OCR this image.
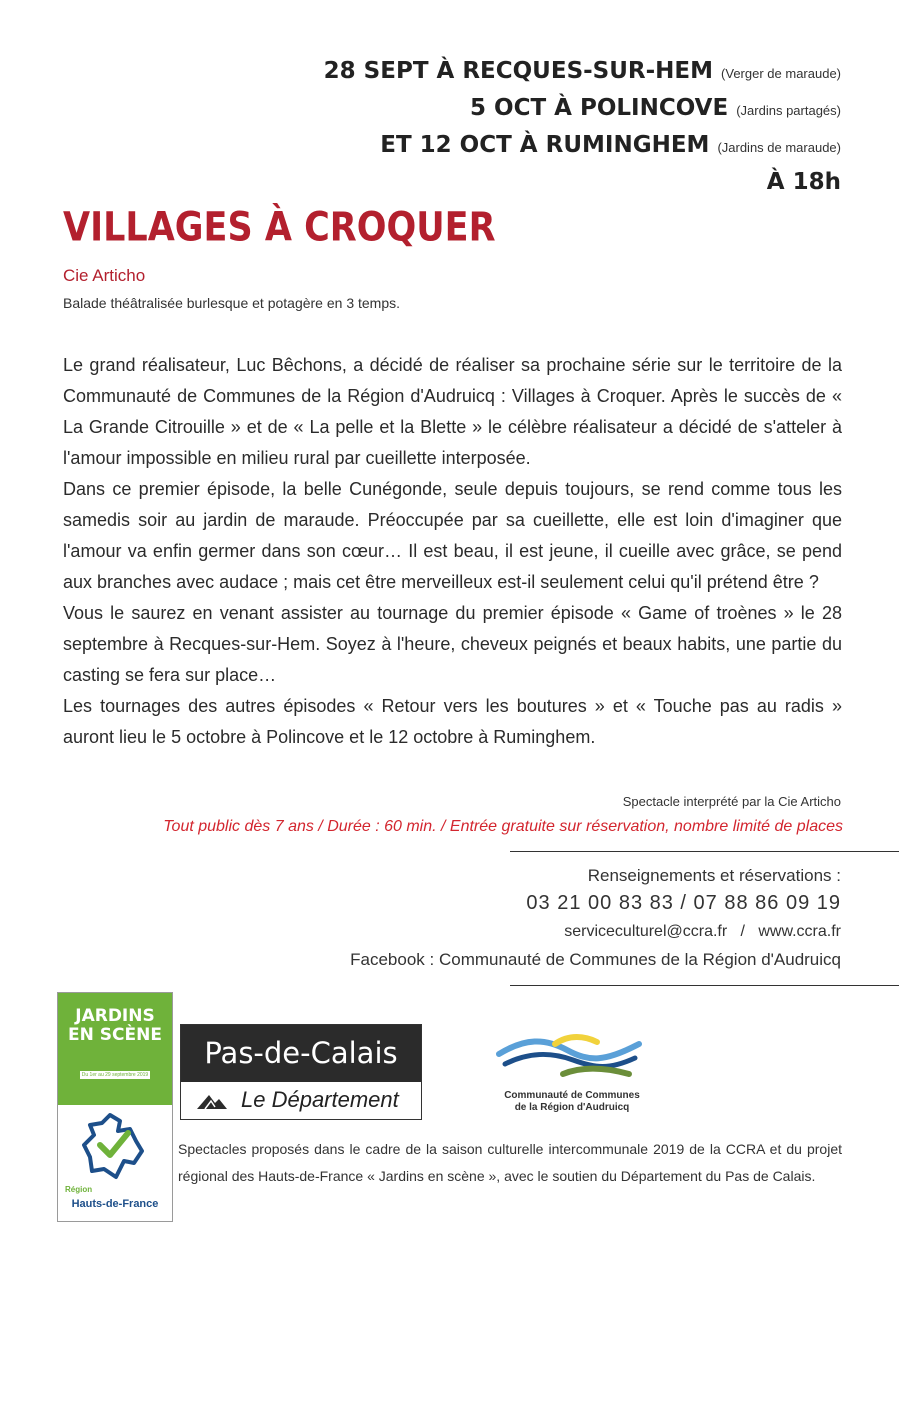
28 SEPT À RECQUES-SUR-HEM (Verger de maraude)
5 OCT À POLINCOVE (Jardins partagés)
ET 12 OCT À RUMINGHEM (Jardins de maraude)
À 18h
VILLAGES À CROQUER
Cie Articho
Balade théâtralisée burlesque et potagère en 3 temps.

Le grand réalisateur, Luc Bêchons, a décidé de réaliser sa prochaine série sur le territoire de la Communauté de Communes de la Région d'Audruicq : Villages à Croquer. Après le succès de « La Grande Citrouille » et de « La pelle et la Blette » le célèbre réalisateur a décidé de s'atteler à l'amour impossible en milieu rural par cueillette interposée.

Dans ce premier épisode, la belle Cunégonde, seule depuis toujours, se rend comme tous les samedis soir au jardin de maraude. Préoccupée par sa cueillette, elle est loin d'imaginer que l'amour va enfin germer dans son cœur… Il est beau, il est jeune, il cueille avec grâce, se pend aux branches avec audace ; mais cet être merveilleux est-il seulement celui qu'il prétend être ?

Vous le saurez en venant assister au tournage du premier épisode « Game of troènes » le 28 septembre à Recques-sur-Hem. Soyez à l'heure, cheveux peignés et beaux habits, une partie du casting se fera sur place…

Les tournages des autres épisodes « Retour vers les boutures » et « Touche pas au radis » auront lieu le 5 octobre à Polincove et le 12 octobre à Ruminghem.

Spectacle interprété par la Cie Articho
Tout public dès 7 ans / Durée : 60 min. / Entrée gratuite sur réservation, nombre limité de places
Renseignements et réservations :
03 21 00 83 83 / 07 88 86 09 19
serviceculturel@ccra.fr / www.ccra.fr
Facebook : Communauté de Communes de la Région d'Audruicq
JARDINS
EN SCÈNE
Du 1er au 29 septembre 2019
Région
Hauts-de-France
Pas-de-Calais
Le Département	Communauté de Communes
de la Région d'Audruicq

Spectacles proposés dans le cadre de la saison culturelle intercommunale 2019 de la CCRA et du projet régional des Hauts-de-France « Jardins en scène », avec le soutien du Département du Pas de Calais.
